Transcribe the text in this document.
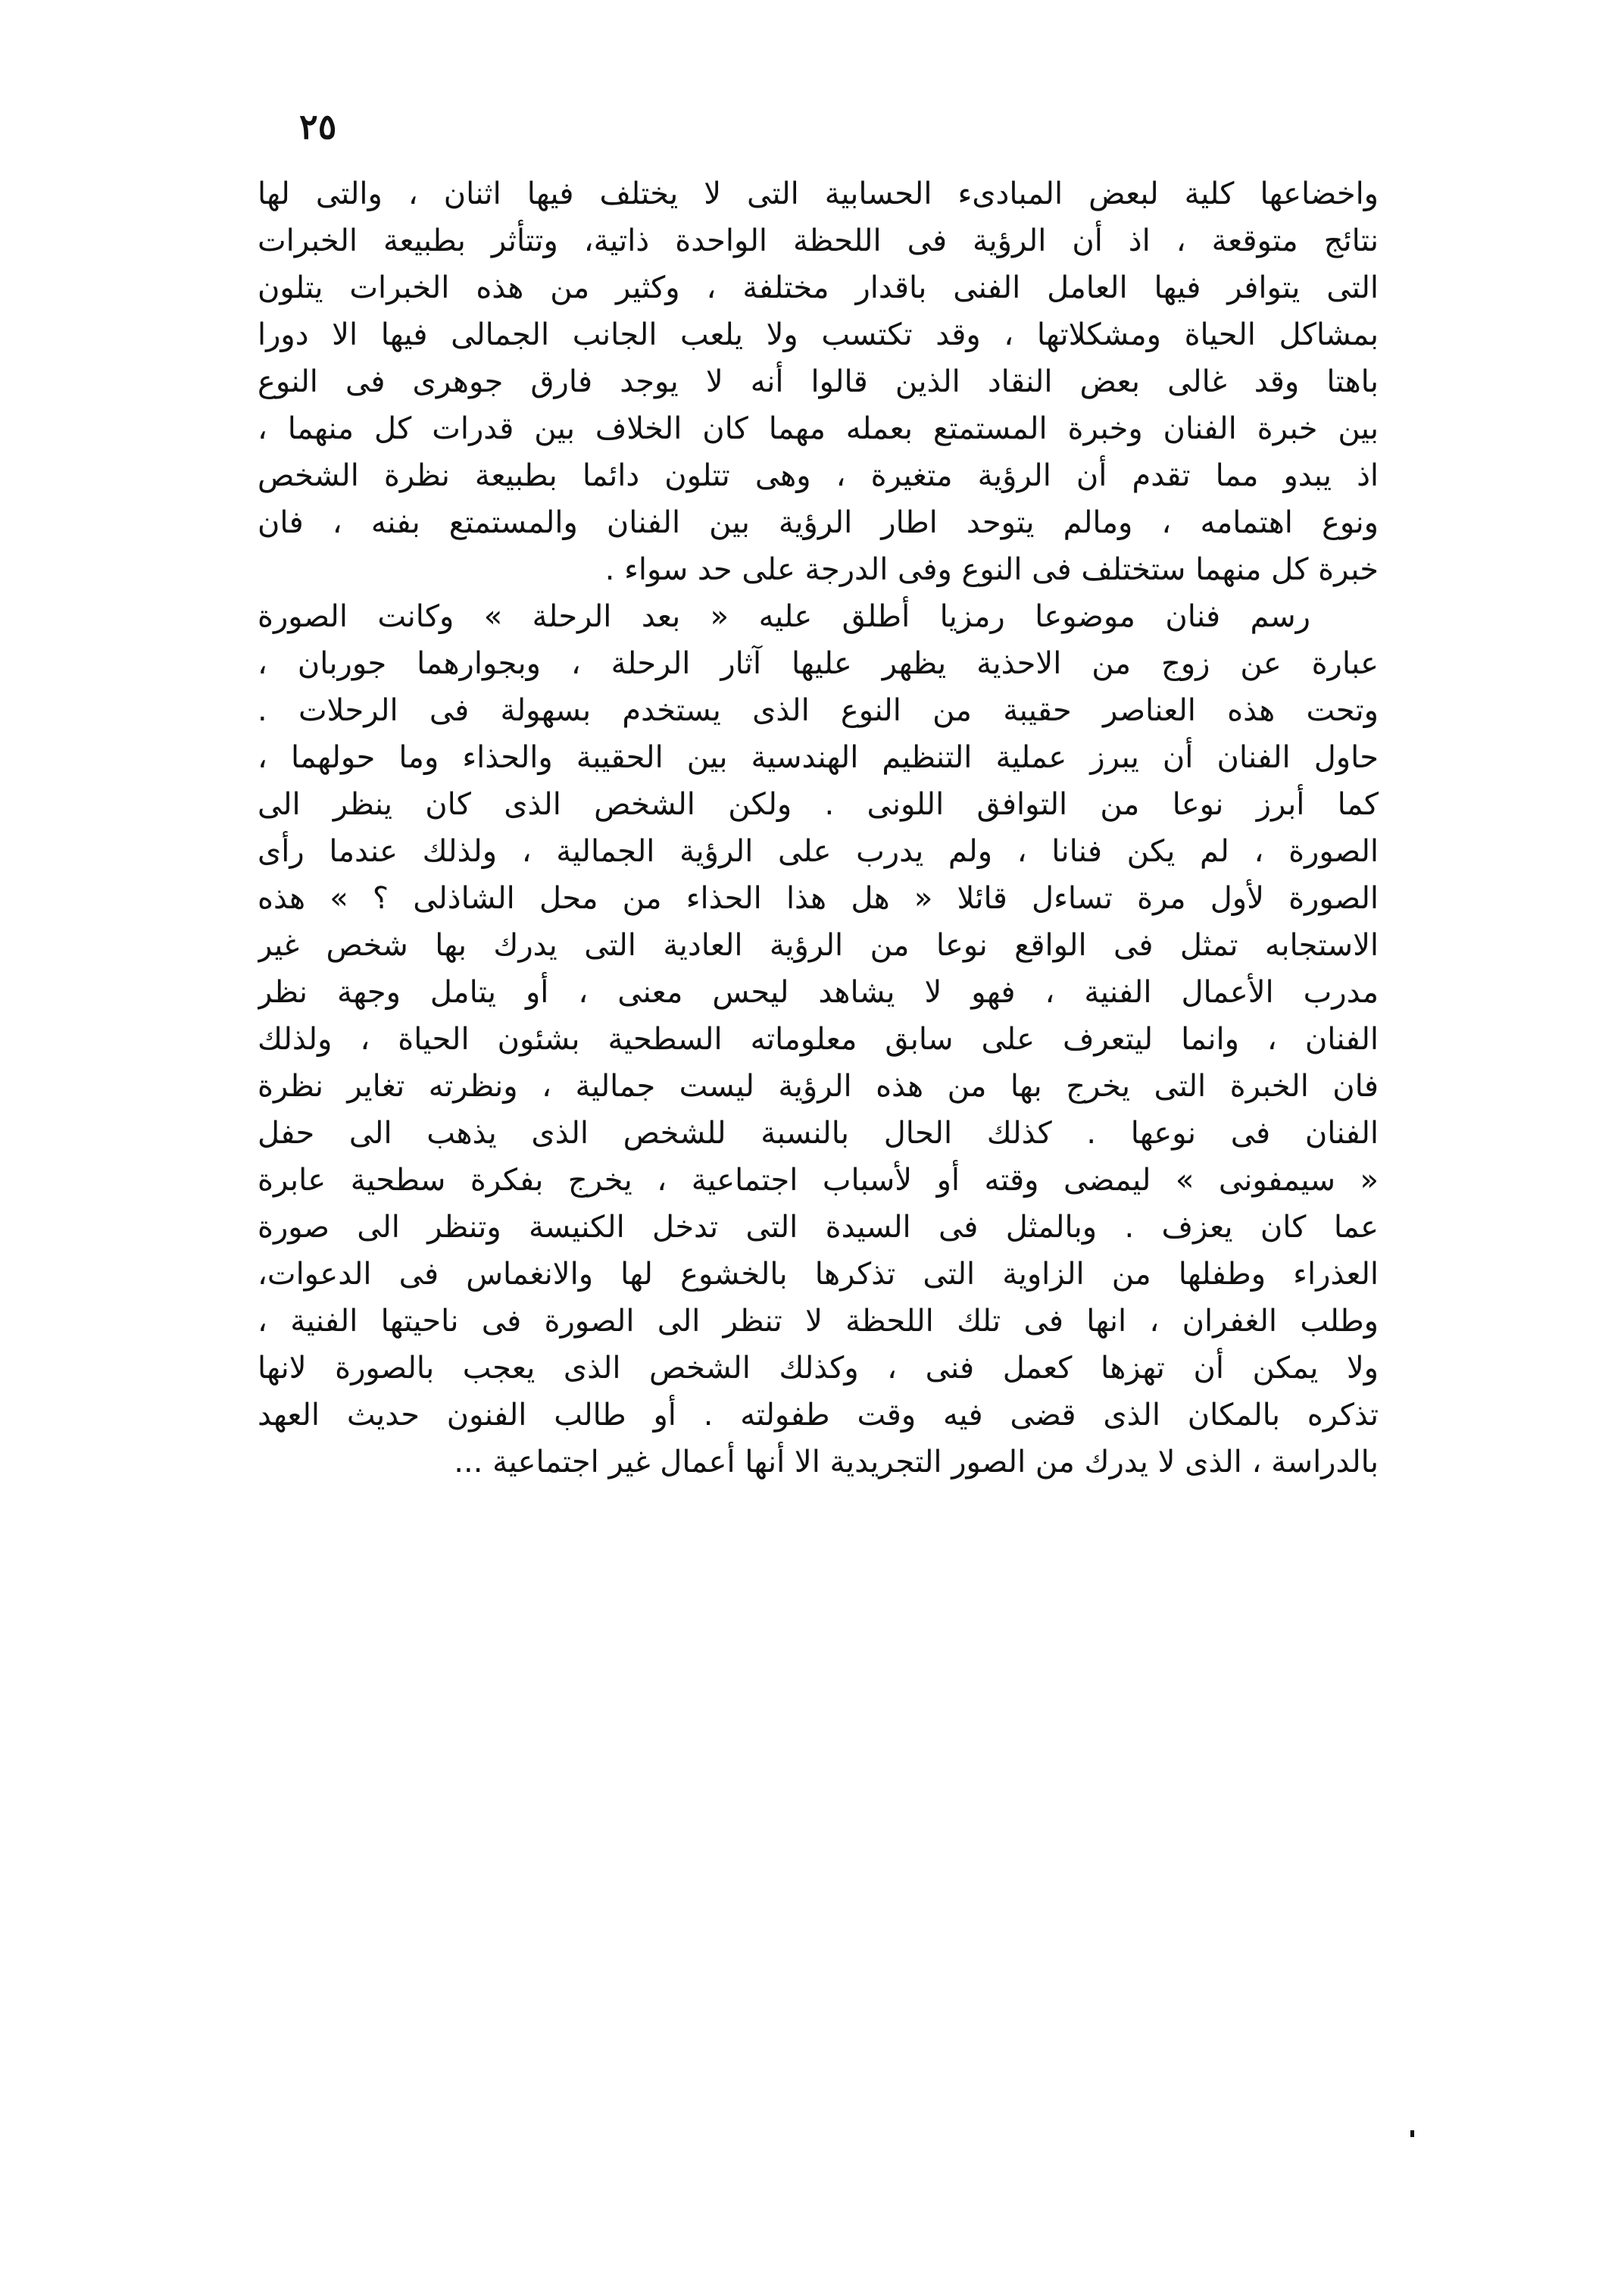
٢٥
واخضاعها كلية لبعض المبادىء الحسابية التى لا يختلف فيها اثنان ، والتى لها
نتائج متوقعة ، اذ أن الرؤية فى اللحظة الواحدة ذاتية، وتتأثر بطبيعة الخبرات
التى يتوافر فيها العامل الفنى باقدار مختلفة ، وكثير من هذه الخبرات يتلون
بمشاكل الحياة ومشكلاتها ، وقد تكتسب ولا يلعب الجانب الجمالى فيها الا دورا
باهتا وقد غالى بعض النقاد الذين قالوا أنه لا يوجد فارق جوهرى فى النوع
بين خبرة الفنان وخبرة المستمتع بعمله مهما كان الخلاف بين قدرات كل منهما ،
اذ يبدو مما تقدم أن الرؤية متغيرة ، وهى تتلون دائما بطبيعة نظرة الشخص
ونوع اهتمامه ، ومالم يتوحد اطار الرؤية بين الفنان والمستمتع بفنه ، فان
خبرة كل منهما ستختلف فى النوع وفى الدرجة على حد سواء .
رسم فنان موضوعا رمزيا أطلق عليه « بعد الرحلة » وكانت الصورة
عبارة عن زوج من الاحذية يظهر عليها آثار الرحلة ، وبجوارهما جوربان ،
وتحت هذه العناصر حقيبة من النوع الذى يستخدم بسهولة فى الرحلات .
حاول الفنان أن يبرز عملية التنظيم الهندسية بين الحقيبة والحذاء وما حولهما ،
كما أبرز نوعا من التوافق اللونى . ولكن الشخص الذى كان ينظر الى
الصورة ، لم يكن فنانا ، ولم يدرب على الرؤية الجمالية ، ولذلك عندما رأى
الصورة لأول مرة تساءل قائلا « هل هذا الحذاء من محل الشاذلى ؟ » هذه
الاستجابه تمثل فى الواقع نوعا من الرؤية العادية التى يدرك بها شخص غير
مدرب الأعمال الفنية ، فهو لا يشاهد ليحس معنى ، أو يتامل وجهة نظر
الفنان ، وانما ليتعرف على سابق معلوماته السطحية بشئون الحياة ، ولذلك
فان الخبرة التى يخرج بها من هذه الرؤية ليست جمالية ، ونظرته تغاير نظرة
الفنان فى نوعها . كذلك الحال بالنسبة للشخص الذى يذهب الى حفل
« سيمفونى » ليمضى وقته أو لأسباب اجتماعية ، يخرج بفكرة سطحية عابرة
عما كان يعزف . وبالمثل فى السيدة التى تدخل الكنيسة وتنظر الى صورة
العذراء وطفلها من الزاوية التى تذكرها بالخشوع لها والانغماس فى الدعوات،
وطلب الغفران ، انها فى تلك اللحظة لا تنظر الى الصورة فى ناحيتها الفنية ،
ولا يمكن أن تهزها كعمل فنى ، وكذلك الشخص الذى يعجب بالصورة لانها
تذكره بالمكان الذى قضى فيه وقت طفولته . أو طالب الفنون حديث العهد
بالدراسة ، الذى لا يدرك من الصور التجريدية الا أنها أعمال غير اجتماعية ...
